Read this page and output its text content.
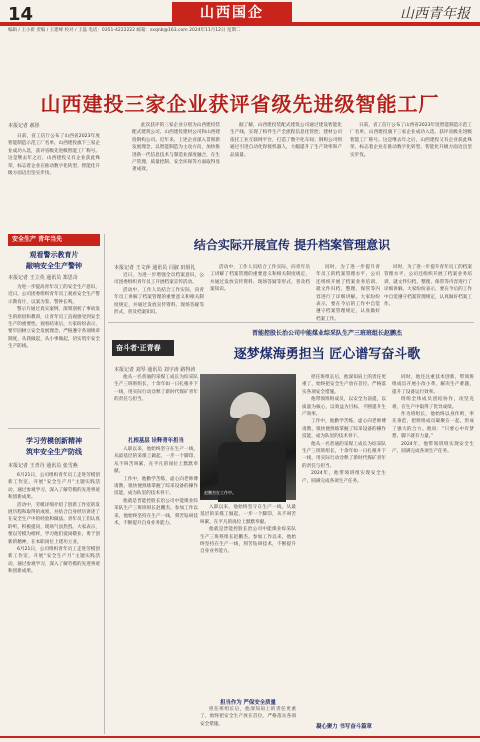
14	山西国企	山西青年报
编辑 / 王小新 责编 / 王建峰 校对 / 王磊 电话：0351-4222222 邮箱：sxqnb@163.com 2024年11月12日 星期二
山西建投三家企业获评省级先进级智能工厂
本报记者 郝彤

日前，省工信厅公布了山西省2023年度智能制造示范工厂名单，山西建投旗下三家企业成功入选，获评省级先进级智能工厂称号。这是继去年之后，山西建投又有企业获此殊荣，标志着企业在推动数字化转型、智能化升级方面迈出坚实步伐。

此次获评的三家企业分别为山西建投装配式建筑公司、山西建投建材公司和山西建投钢构公司。近年来，上述企业深入贯彻新发展理念，以智能制造为主攻方向，加快推进新一代信息技术与制造业深度融合，在生产管理、质量控制、安全环保等方面取得显著成效。

据了解，山西建投装配式建筑公司通过建设智能化生产线，实现了构件生产全流程信息化管控；建材公司依托工业互联网平台，打造了数字化车间；钢构公司则通过引进自动化焊接机器人，大幅提升了生产效率和产品质量。

日前，省工信厅公布了山西省2023年度智能制造示范工厂名单，山西建投旗下三家企业成功入选，获评省级先进级智能工厂称号。这是继去年之后，山西建投又有企业获此殊荣，标志着企业在推动数字化转型、智能化升级方面迈出坚实步伐。

安全生产 青年当先
观看警示教育片
敲响安全生产警钟
本报记者 王立英 通讯员 郑思奇

为进一步提高青年员工的安全生产意识，近日，公司团委组织青年员工观看安全生产警示教育片，以案为鉴，警钟长鸣。

警示片通过真实案例，深刻剖析了事故发生的原因和教训，让青年员工直观感受到安全生产的重要性。观看结束后，大家纷纷表示，要牢固树立安全发展理念，严格遵守各项规章制度，从我做起，从小事做起，切实筑牢安全生产防线。

学习劳模创新精神
筑牢安全生产防线
本报记者 王青丹 通讯员 张雪燕

6月21日，公司组织青年员工走进劳模创新工作室，开展“安全生产月”主题实践活动，通过参观学习，深入了解劳模的先进事迹和创新成果。

活动中，劳模详细介绍了创新工作室的发展历程和取得的成果，并结合自身经历讲述了在安全生产中的经验和做法。青年员工们认真聆听，积极提问，现场气氛热烈。大家表示，要以劳模为榜样，学习他们爱岗敬业、勇于创新的精神，在本职岗位上建功立业。

6月21日，公司组织青年员工走进劳模创新工作室，开展“安全生产月”主题实践活动，通过参观学习，深入了解劳模的先进事迹和创新成果。

结合实际开展宣传 提升档案管理意识
本报记者 王文萍 通讯员 闫淑 田姐礼

近日，为进一步增强全员档案意识，公司团委组织青年员工开展档案宣传活动。

活动中，工作人员结合工作实际，向青年员工讲解了档案管理的重要意义和相关制度规定，并通过发放宣传资料、现场答疑等形式，普及档案知识。

活动中，工作人员结合工作实际，向青年员工讲解了档案管理的重要意义和相关制度规定，并通过发放宣传资料、现场答疑等形式，普及档案知识。

同时，为了进一步提升青年员工的档案管理水平，公司还组织开展了档案业务培训，就文件归档、整理、保管等内容进行了详细讲解。大家纷纷表示，要在今后的工作中自觉遵守档案管理规定，认真做好档案工作。

同时，为了进一步提升青年员工的档案管理水平，公司还组织开展了档案业务培训，就文件归档、整理、保管等内容进行了详细讲解。大家纷纷表示，要在今后的工作中自觉遵守档案管理规定，认真做好档案工作。

奋斗者·正青春
晋能控股长治公司中能煤业综采队生产三班班组长赵鹏杰
逐梦煤海勇担当 匠心谱写奋斗歌
本报记者 刘琴 通讯员 刘宇涛 路得涛

他从一名普通的采煤工成长为综采队生产三班班组长，十余年如一日扎根井下一线，用实际行动诠释了新时代煤矿青年的责任与担当。

扎根基层 诠释青年担当

入职以来，他始终坚守在生产一线，从最基层的采煤工做起，一步一个脚印，从不叫苦叫累，在平凡的岗位上默默奉献。

工作中，他勤学苦练，虚心向老师傅请教，很快便熟练掌握了综采设备的操作技能，成为队里的技术骨干。

他就是晋能控股长治公司中能煤业综采队生产三班班组长赵鹏杰。参加工作以来，他始终坚持在生产一线，刻苦钻研技术，不断提升自身业务能力。

赵鹏杰在工作中。

入职以来，他始终坚守在生产一线，从最基层的采煤工做起，一步一个脚印，从不叫苦叫累，在平凡的岗位上默默奉献。

他就是晋能控股长治公司中能煤业综采队生产三班班组长赵鹏杰。参加工作以来，他始终坚持在生产一线，刻苦钻研技术，不断提升自身业务能力。

担当作为 严保安全质量

担任班组长后，他深知肩上的责任更重了，始终把安全生产放在首位，严格落实各项安全措施。

担任班组长后，他深知肩上的责任更重了，始终把安全生产放在首位，严格落实各项安全措施。

他带领班组成员，以安全为前提，以质量为核心，以效益为目标，不断提升生产效率。

工作中，他勤学苦练，虚心向老师傅请教，很快便熟练掌握了综采设备的操作技能，成为队里的技术骨干。

他从一名普通的采煤工成长为综采队生产三班班组长，十余年如一日扎根井下一线，用实际行动诠释了新时代煤矿青年的责任与担当。

2024年，他带领班组实现安全生产，圆满完成各项生产任务。

凝心聚力 书写奋斗篇章

同时，他还注重技术创新，带领班组成员开展小改小革，解决生产难题，提升了设备运行效率。

班组全体成员团结协作，攻坚克难，在生产中取得了优异成绩。

作为班组长，他始终以身作则，率先垂范，把班组成员凝聚在一起，形成了强大的合力。他说：“只要心中有梦想，脚下就有力量。”

2024年，他带领班组实现安全生产，圆满完成各项生产任务。
